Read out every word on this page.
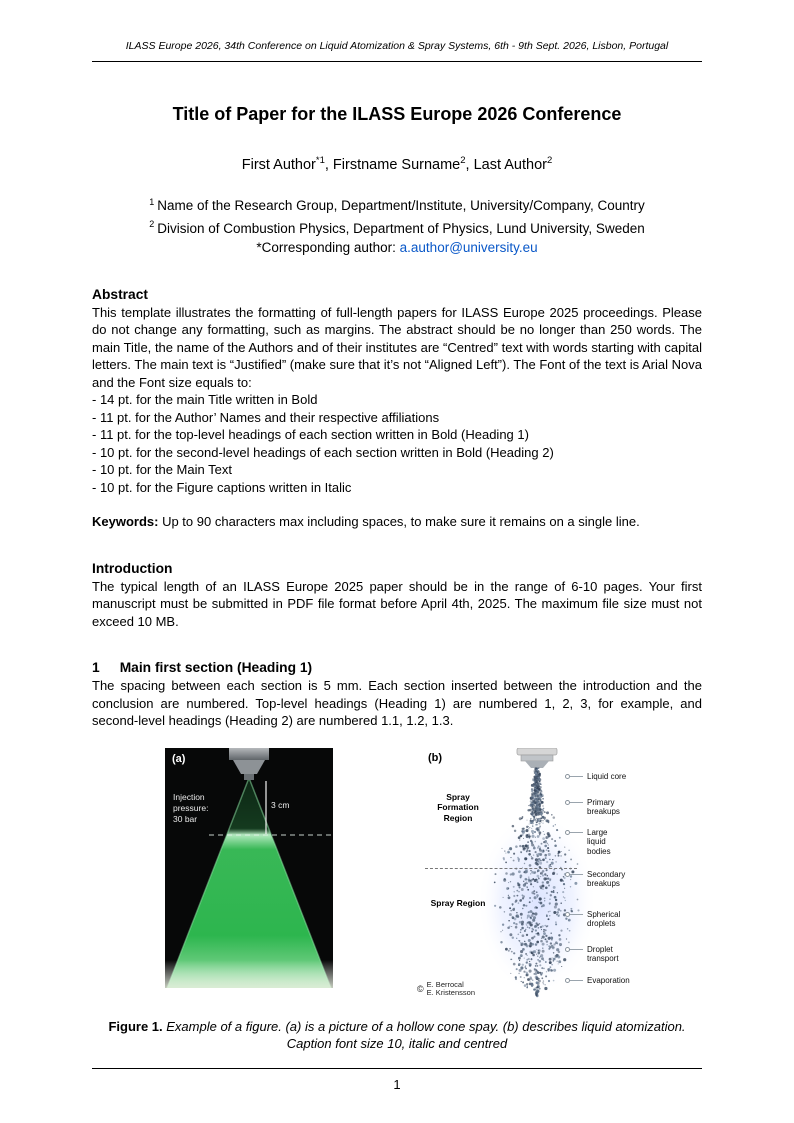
ILASS Europe 2026, 34th Conference on Liquid Atomization & Spray Systems, 6th - 9th Sept. 2026, Lisbon, Portugal
Title of Paper for the ILASS Europe 2026 Conference
First Author$^{*1}$, Firstname Surname$^2$, Last Author$^2$
$^1$ Name of the Research Group, Department/Institute, University/Company, Country
$^2$ Division of Combustion Physics, Department of Physics, Lund University, Sweden
*Corresponding author: a.author@university.eu
Abstract
This template illustrates the formatting of full-length papers for ILASS Europe 2025 proceedings. Please do not change any formatting, such as margins. The abstract should be no longer than 250 words. The main Title, the name of the Authors and of their institutes are “Centred” text with words starting with capital letters. The main text is “Justified” (make sure that it’s not “Aligned Left”). The Font of the text is Arial Nova and the Font size equals to:
- 14 pt. for the main Title written in Bold
- 11 pt. for the Author’ Names and their respective affiliations
- 11 pt. for the top-level headings of each section written in Bold (Heading 1)
- 10 pt. for the second-level headings of each section written in Bold (Heading 2)
- 10 pt. for the Main Text
- 10 pt. for the Figure captions written in Italic
Keywords: Up to 90 characters max including spaces, to make sure it remains on a single line.
Introduction
The typical length of an ILASS Europe 2025 paper should be in the range of 6-10 pages. Your first manuscript must be submitted in PDF file format before April 4th, 2025. The maximum file size must not exceed 10 MB.
1 Main first section (Heading 1)
The spacing between each section is 5 mm. Each section inserted between the introduction and the conclusion are numbered. Top-level headings (Heading 1) are numbered 1, 2, 3, for example, and second-level headings (Heading 2) are numbered 1.1, 1.2, 1.3.
(a)
Injection
pressure:
30 bar
3 cm
(b)
Spray Formation Region
Spray Region
Liquid core
Primary breakups
Large liquid bodies
Secondary breakups
Spherical droplets
Droplet transport
Evaporation
© E. Berrocal
E. Kristensson
Figure 1. Example of a figure. (a) is a picture of a hollow cone spay. (b) describes liquid atomization.
Caption font size 10, italic and centred
1
